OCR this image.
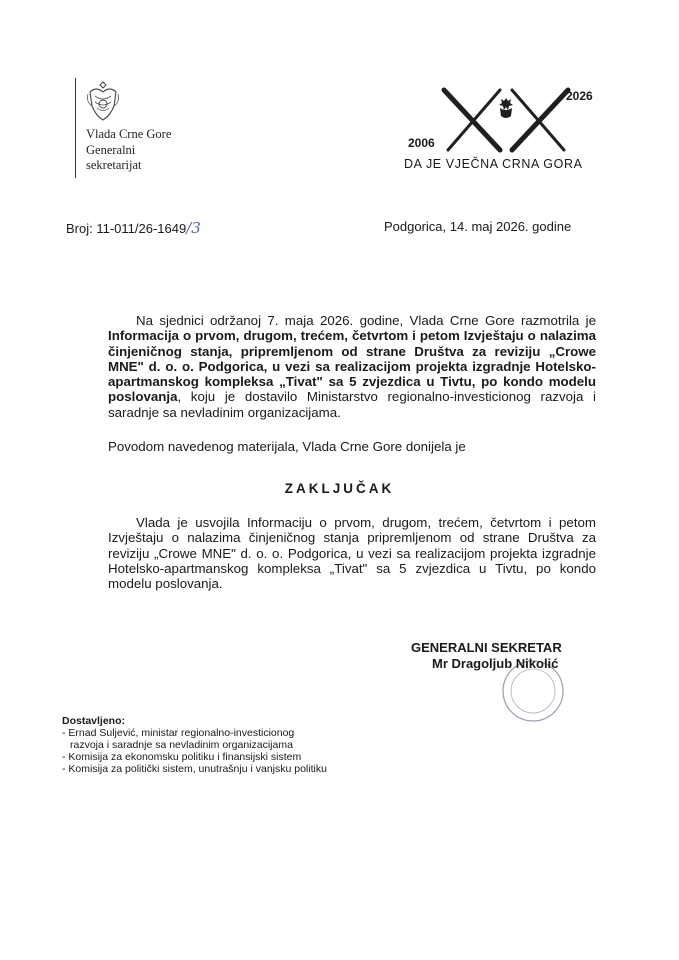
Vlada Crne Gore
Generalni
sekretarijat
2026
2006
DA JE VJEČNA CRNA GORA
Broj: 11-011/26-1649/3	Podgorica, 14. maj 2026. godine
Na sjednici održanoj 7. maja 2026. godine, Vlada Crne Gore razmotrila je Informacija o prvom, drugom, trećem, četvrtom i petom Izvještaju o nalazima činjeničnog stanja, pripremljenom od strane Društva za reviziju „Crowe MNE" d. o. o. Podgorica, u vezi sa realizacijom projekta izgradnje Hotelsko-apartmanskog kompleksa „Tivat" sa 5 zvjezdica u Tivtu, po kondo modelu poslovanja, koju je dostavilo Ministarstvo regionalno-investicionog razvoja i saradnje sa nevladinim organizacijama.
Povodom navedenog materijala, Vlada Crne Gore donijela je
ZAKLJUČAK
Vlada je usvojila Informaciju o prvom, drugom, trećem, četvrtom i petom Izvještaju o nalazima činjeničnog stanja pripremljenom od strane Društva za reviziju „Crowe MNE" d. o. o. Podgorica, u vezi sa realizacijom projekta izgradnje Hotelsko-apartmanskog kompleksa „Tivat" sa 5 zvjezdica u Tivtu, po kondo modelu poslovanja.
GENERALNI SEKRETAR
Mr Dragoljub Nikolić
Dostavljeno:
- Ernad Suljević, ministar regionalno-investicionog
razvoja i saradnje sa nevladinim organizacijama
- Komisija za ekonomsku politiku i finansijski sistem
- Komisija za politički sistem, unutrašnju i vanjsku politiku
